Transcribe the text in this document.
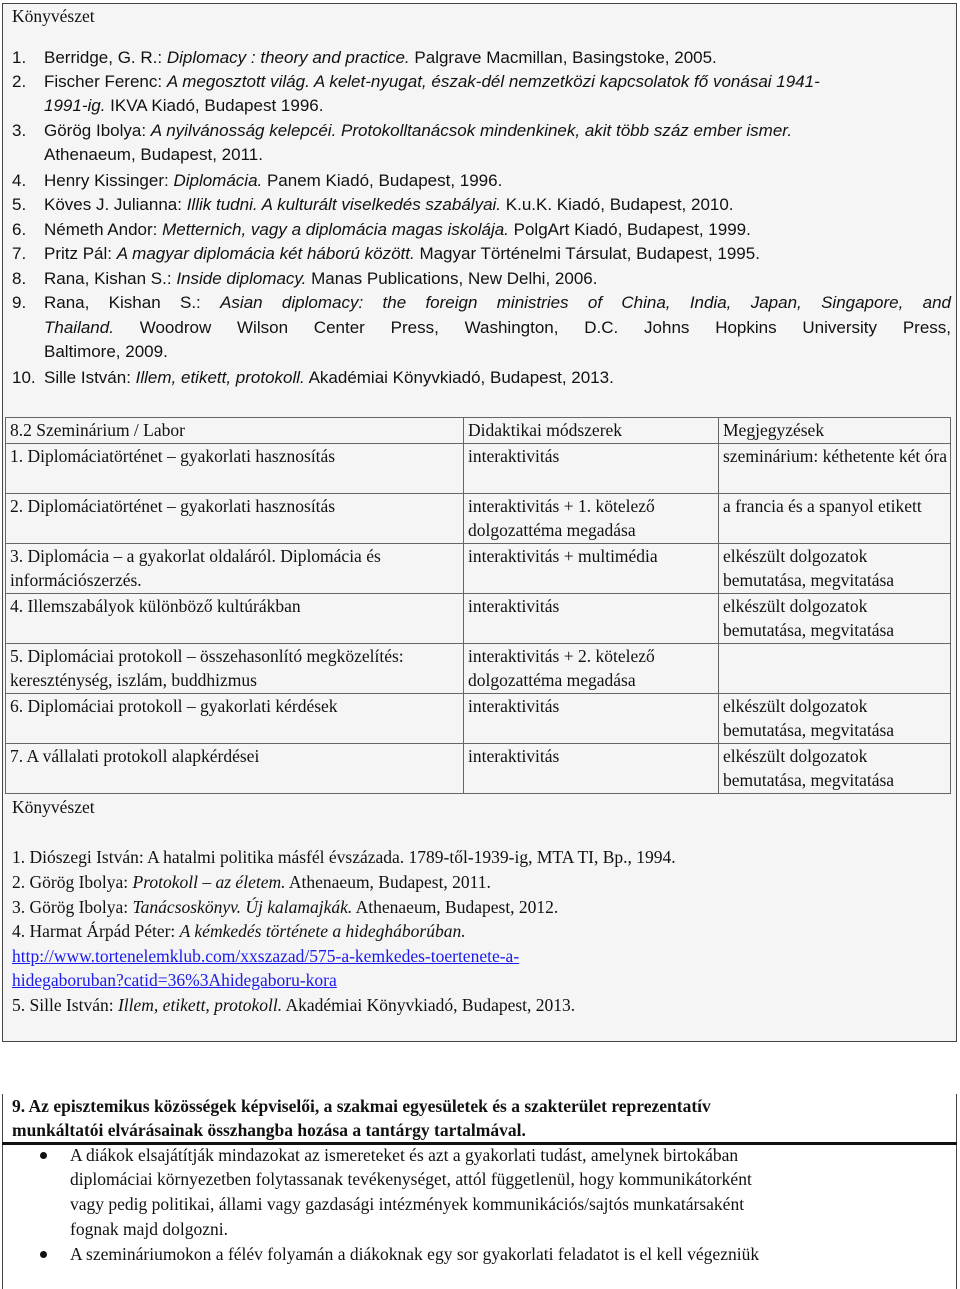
Könyvészet
1. Berridge, G. R.: Diplomacy : theory and practice. Palgrave Macmillan, Basingstoke, 2005.
2. Fischer Ferenc: A megosztott világ. A kelet-nyugat, észak-dél nemzetközi kapcsolatok fő vonásai 1941-
1991-ig. IKVA Kiadó, Budapest 1996.
3. Görög Ibolya: A nyilvánosság kelepcéi. Protokolltanácsok mindenkinek, akit több száz ember ismer.
Athenaeum, Budapest, 2011.
4. Henry Kissinger: Diplomácia. Panem Kiadó, Budapest, 1996.
5. Köves J. Julianna: Illik tudni. A kulturált viselkedés szabályai. K.u.K. Kiadó, Budapest, 2010.
6. Németh Andor: Metternich, vagy a diplomácia magas iskolája. PolgArt Kiadó, Budapest, 1999.
7. Pritz Pál: A magyar diplomácia két háború között. Magyar Történelmi Társulat, Budapest, 1995.
8. Rana, Kishan S.: Inside diplomacy. Manas Publications, New Delhi, 2006.
9. Rana, Kishan S.: Asian diplomacy: the foreign ministries of China, India, Japan, Singapore, and
Thailand. Woodrow Wilson Center Press, Washington, D.C. Johns Hopkins University Press,
Baltimore, 2009.
10. Sille István: Illem, etikett, protokoll. Akadémiai Könyvkiadó, Budapest, 2013.
8.2 Szeminárium / Labor	Didaktikai módszerek	Megjegyzések
1. Diplomáciatörténet – gyakorlati hasznosítás	interaktivitás	szeminárium: kéthetente két óra
2. Diplomáciatörténet – gyakorlati hasznosítás	interaktivitás + 1. kötelező dolgozattéma megadása	a francia és a spanyol etikett
3. Diplomácia – a gyakorlat oldaláról. Diplomácia és információszerzés.	interaktivitás + multimédia	elkészült dolgozatok bemutatása, megvitatása
4. Illemszabályok különböző kultúrákban	interaktivitás	elkészült dolgozatok bemutatása, megvitatása
5. Diplomáciai protokoll – összehasonlító megközelítés: kereszténység, iszlám, buddhizmus	interaktivitás + 2. kötelező dolgozattéma megadása	
6. Diplomáciai protokoll – gyakorlati kérdések	interaktivitás	elkészült dolgozatok bemutatása, megvitatása
7. A vállalati protokoll alapkérdései	interaktivitás	elkészült dolgozatok bemutatása, megvitatása
Könyvészet
1. Diószegi István: A hatalmi politika másfél évszázada. 1789-től-1939-ig, MTA TI, Bp., 1994.
2. Görög Ibolya: Protokoll – az életem. Athenaeum, Budapest, 2011.
3. Görög Ibolya: Tanácsoskönyv. Új kalamajkák. Athenaeum, Budapest, 2012.
4. Harmat Árpád Péter: A kémkedés története a hidegháborúban.
5. Sille István: Illem, etikett, protokoll. Akadémiai Könyvkiadó, Budapest, 2013.
http://www.tortenelemklub.com/xxszazad/575-a-kemkedes-toertenete-a-
hidegaboruban?catid=36%3Ahidegaboru-kora
9. Az episztemikus közösségek képviselői, a szakmai egyesületek és a szakterület reprezentatív
munkáltatói elvárásainak összhangba hozása a tantárgy tartalmával.
A diákok elsajátítják mindazokat az ismereteket és azt a gyakorlati tudást, amelynek birtokában
diplomáciai környezetben folytassanak tevékenységet, attól függetlenül, hogy kommunikátorként
vagy pedig politikai, állami vagy gazdasági intézmények kommunikációs/sajtós munkatársaként
fognak majd dolgozni.
A szemináriumokon a félév folyamán a diákoknak egy sor gyakorlati feladatot is el kell végezniük
